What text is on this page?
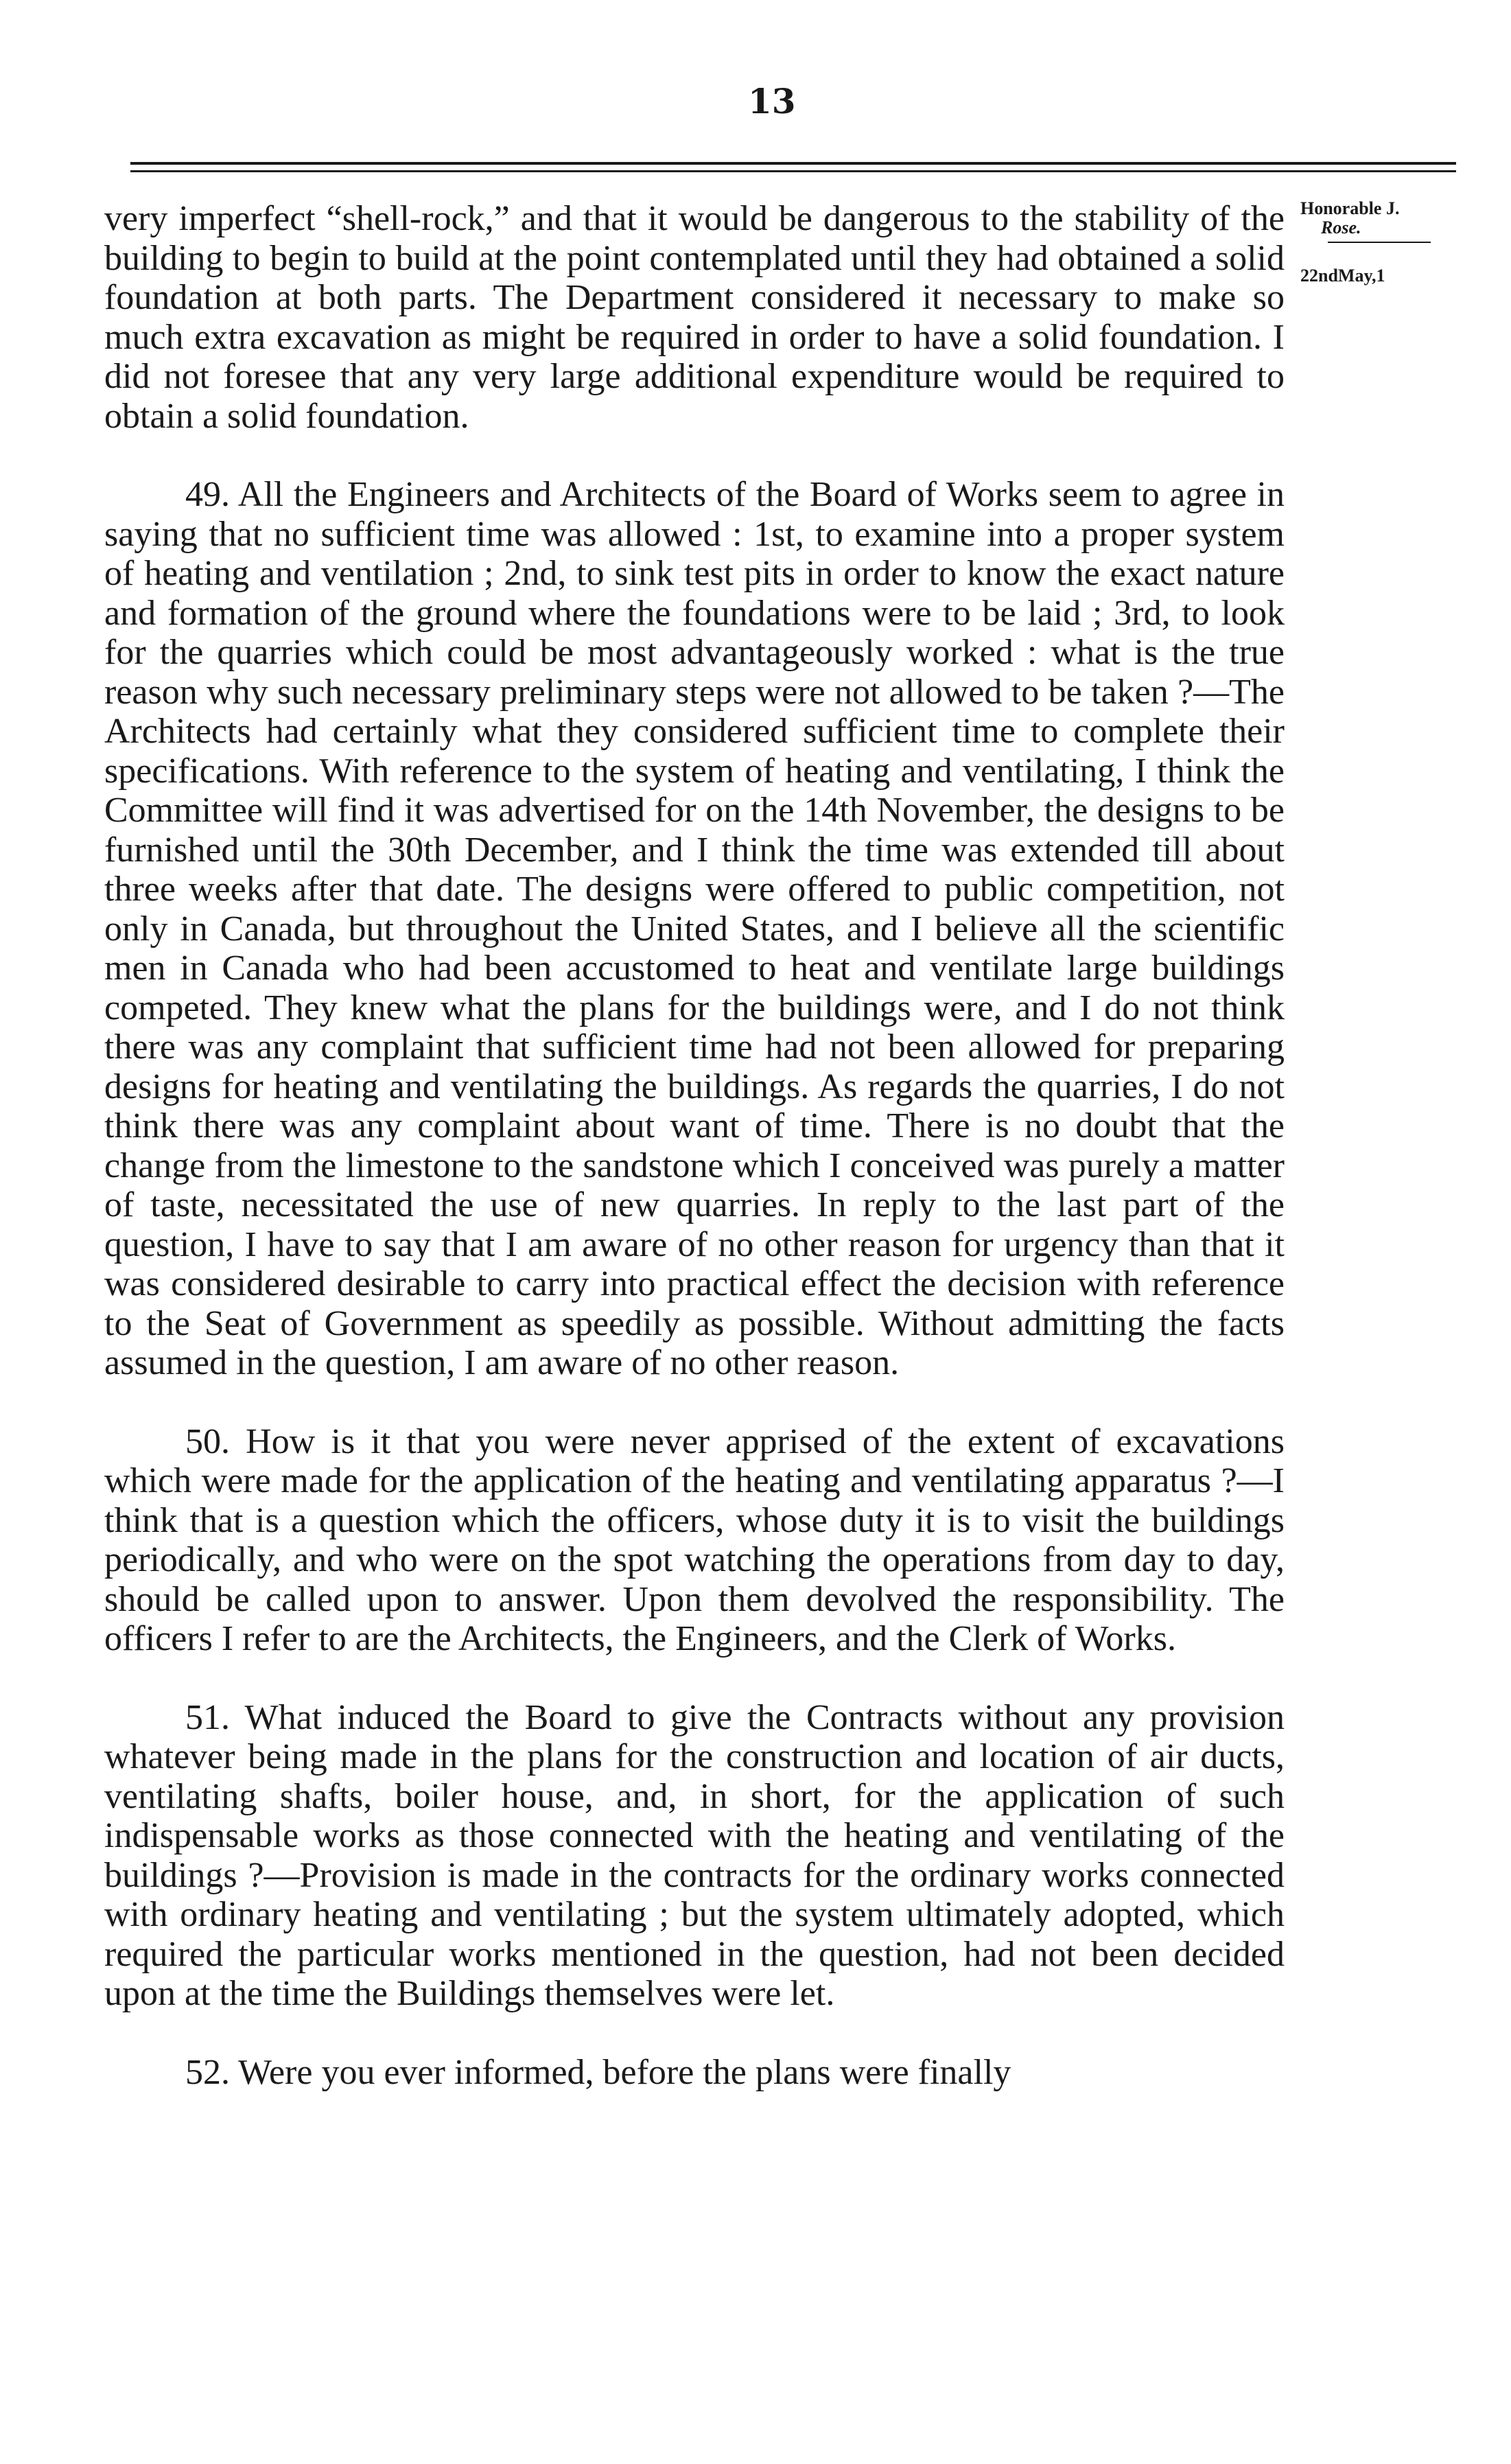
13
Honorable J.
Rose.
22ndMay,1

very imperfect “shell-rock,” and that it would be dangerous to the stability of the building to begin to build at the point contemplated until they had obtained a solid foundation at both parts. The Department considered it necessary to make so much extra excavation as might be required in order to have a solid foundation. I did not foresee that any very large additional expenditure would be required to obtain a solid foundation.

49. All the Engineers and Architects of the Board of Works seem to agree in saying that no sufficient time was allowed : 1st, to examine into a proper system of heating and ventilation ; 2nd, to sink test pits in order to know the exact nature and formation of the ground where the foundations were to be laid ; 3rd, to look for the quarries which could be most advantageously worked : what is the true reason why such necessary preliminary steps were not allowed to be taken ?—The Architects had certainly what they considered sufficient time to complete their specifications. With reference to the system of heating and ventilating, I think the Committee will find it was advertised for on the 14th November, the designs to be furnished until the 30th December, and I think the time was extended till about three weeks after that date. The designs were offered to public competition, not only in Canada, but throughout the United States, and I believe all the scientific men in Canada who had been accustomed to heat and ventilate large buildings competed. They knew what the plans for the buildings were, and I do not think there was any complaint that sufficient time had not been allowed for preparing designs for heating and ventilating the buildings. As regards the quarries, I do not think there was any complaint about want of time. There is no doubt that the change from the limestone to the sandstone which I conceived was purely a matter of taste, necessitated the use of new quarries. In reply to the last part of the question, I have to say that I am aware of no other reason for urgency than that it was considered desirable to carry into practical effect the decision with reference to the Seat of Government as speedily as possible. Without admitting the facts assumed in the question, I am aware of no other reason.

50. How is it that you were never apprised of the extent of excavations which were made for the application of the heating and ventilating apparatus ?—I think that is a question which the officers, whose duty it is to visit the buildings periodically, and who were on the spot watching the operations from day to day, should be called upon to answer. Upon them devolved the responsibility. The officers I refer to are the Architects, the Engineers, and the Clerk of Works.

51. What induced the Board to give the Contracts without any provision whatever being made in the plans for the construction and location of air ducts, ventilating shafts, boiler house, and, in short, for the application of such indispensable works as those connected with the heating and ventilating of the buildings ?—Provision is made in the contracts for the ordinary works connected with ordinary heating and ventilating ; but the system ultimately adopted, which required the particular works mentioned in the question, had not been decided upon at the time the Buildings themselves were let.

52. Were you ever informed, before the plans were finally
